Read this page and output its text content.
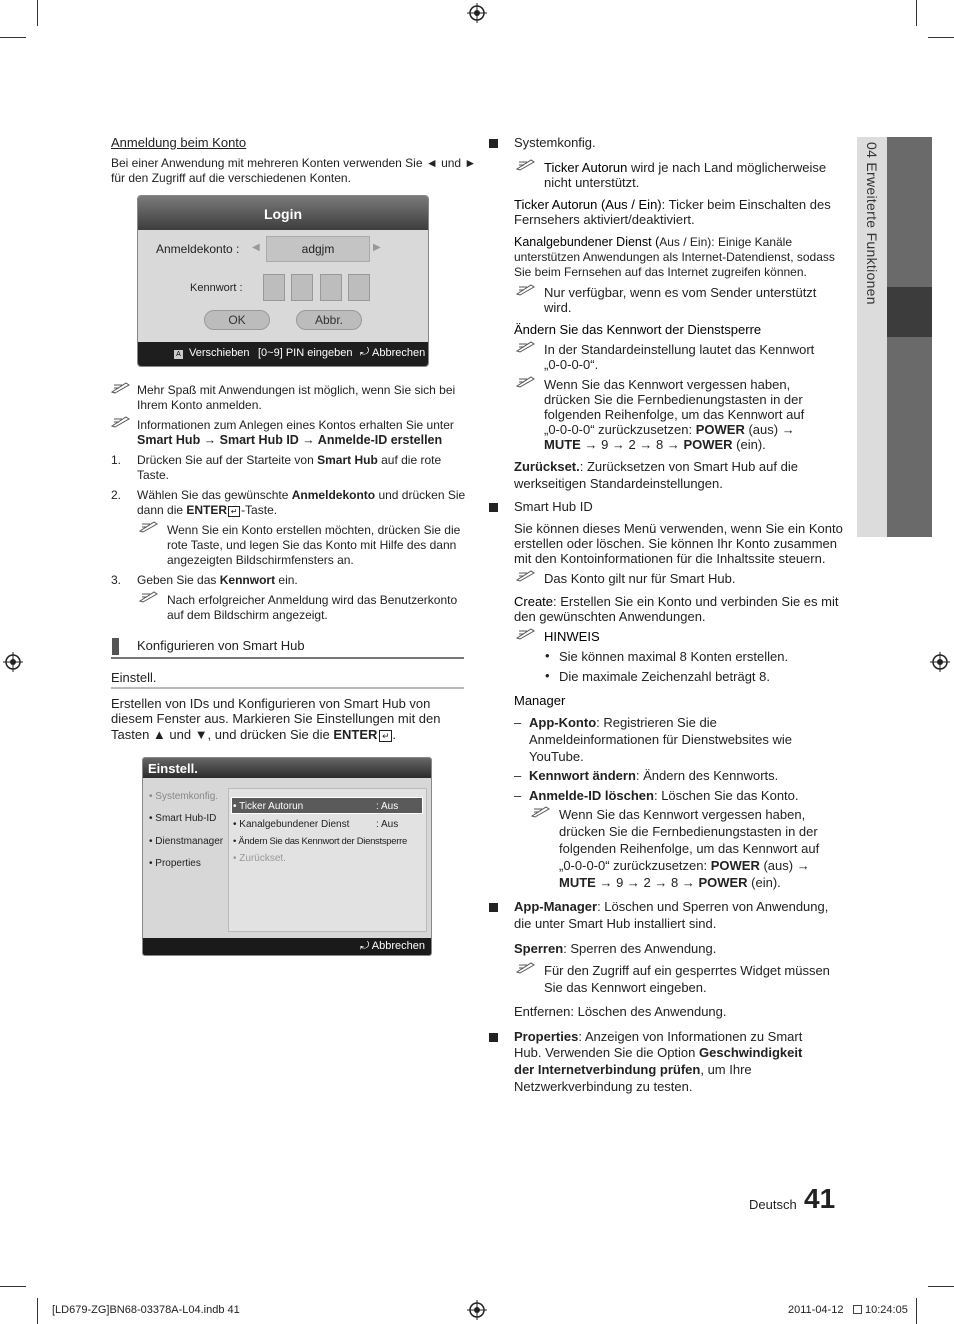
04 Erweiterte Funktionen
Anmeldung beim Konto
Bei einer Anwendung mit mehreren Konten verwenden Sie ◄ und ►
für den Zugriff auf die verschiedenen Konten.
Login
Anmeldekonto : ◀	adgjm	▶
Kennwort :
OK	Abbr.
A Verschieben [0~9] PIN eingeben ⤾ Abbrechen
Mehr Spaß mit Anwendungen ist möglich, wenn Sie sich bei
Ihrem Konto anmelden.
Informationen zum Anlegen eines Kontos erhalten Sie unter
Smart Hub → Smart Hub ID → Anmelde-ID erstellen
1. Drücken Sie auf der Starteite von Smart Hub auf die rote
Taste.
2. Wählen Sie das gewünschte Anmeldekonto und drücken Sie
dann die ENTER ↵ -Taste.
Wenn Sie ein Konto erstellen möchten, drücken Sie die
rote Taste, und legen Sie das Konto mit Hilfe des dann
angezeigten Bildschirmfensters an.
3. Geben Sie das Kennwort ein.
Nach erfolgreicher Anmeldung wird das Benutzerkonto
auf dem Bildschirm angezeigt.
Konfigurieren von Smart Hub
Einstell.
Erstellen von IDs und Konfigurieren von Smart Hub von
diesem Fenster aus. Markieren Sie Einstellungen mit den
Tasten ▲ und ▼, und drücken Sie die ENTER ↵ .
Einstell.
• Systemkonfig.
• Smart Hub-ID
• Dienstmanager
• Properties
• Ticker Autorun	: Aus
• Kanalgebundener Dienst	: Aus
• Ändern Sie das Kennwort der Dienstsperre
• Zurückset.
⤾ Abbrechen
Systemkonfig.
Ticker Autorun wird je nach Land möglicherweise
nicht unterstützt.
Ticker Autorun (Aus / Ein): Ticker beim Einschalten des
Fernsehers aktiviert/deaktiviert.
Kanalgebundener Dienst (Aus / Ein): Einige Kanäle
unterstützen Anwendungen als Internet-Datendienst, sodass
Sie beim Fernsehen auf das Internet zugreifen können.
Nur verfügbar, wenn es vom Sender unterstützt
wird.
Ändern Sie das Kennwort der Dienstsperre
In der Standardeinstellung lautet das Kennwort
„0-0-0-0“.
Wenn Sie das Kennwort vergessen haben,
drücken Sie die Fernbedienungstasten in der
folgenden Reihenfolge, um das Kennwort auf
„0-0-0-0“ zurückzusetzen: POWER (aus) →
MUTE → 9 → 2 → 8 → POWER (ein).
Zurückset.: Zurücksetzen von Smart Hub auf die
werkseitigen Standardeinstellungen.
Smart Hub ID
Sie können dieses Menü verwenden, wenn Sie ein Konto
erstellen oder löschen. Sie können Ihr Konto zusammen
mit den Kontoinformationen für die Inhaltssite steuern.
Das Konto gilt nur für Smart Hub.
Create: Erstellen Sie ein Konto und verbinden Sie es mit
den gewünschten Anwendungen.
HINWEIS
• Sie können maximal 8 Konten erstellen.
• Die maximale Zeichenzahl beträgt 8.
Manager
– App-Konto: Registrieren Sie die
Anmeldeinformationen für Dienstwebsites wie
YouTube.
– Kennwort ändern: Ändern des Kennworts.
– Anmelde-ID löschen: Löschen Sie das Konto.
Wenn Sie das Kennwort vergessen haben,
drücken Sie die Fernbedienungstasten in der
folgenden Reihenfolge, um das Kennwort auf
„0-0-0-0“ zurückzusetzen: POWER (aus) →
MUTE → 9 → 2 → 8 → POWER (ein).
App-Manager: Löschen und Sperren von Anwendung,
die unter Smart Hub installiert sind.
Sperren: Sperren des Anwendung.
Für den Zugriff auf ein gesperrtes Widget müssen
Sie das Kennwort eingeben.
Entfernen: Löschen des Anwendung.
Properties: Anzeigen von Informationen zu Smart
Hub. Verwenden Sie die Option Geschwindigkeit
der Internetverbindung prüfen, um Ihre
Netzwerkverbindung zu testen.
Deutsch 41
[LD679-ZG]BN68-03378A-L04.indb 41	2011-04-12 10:24:05
